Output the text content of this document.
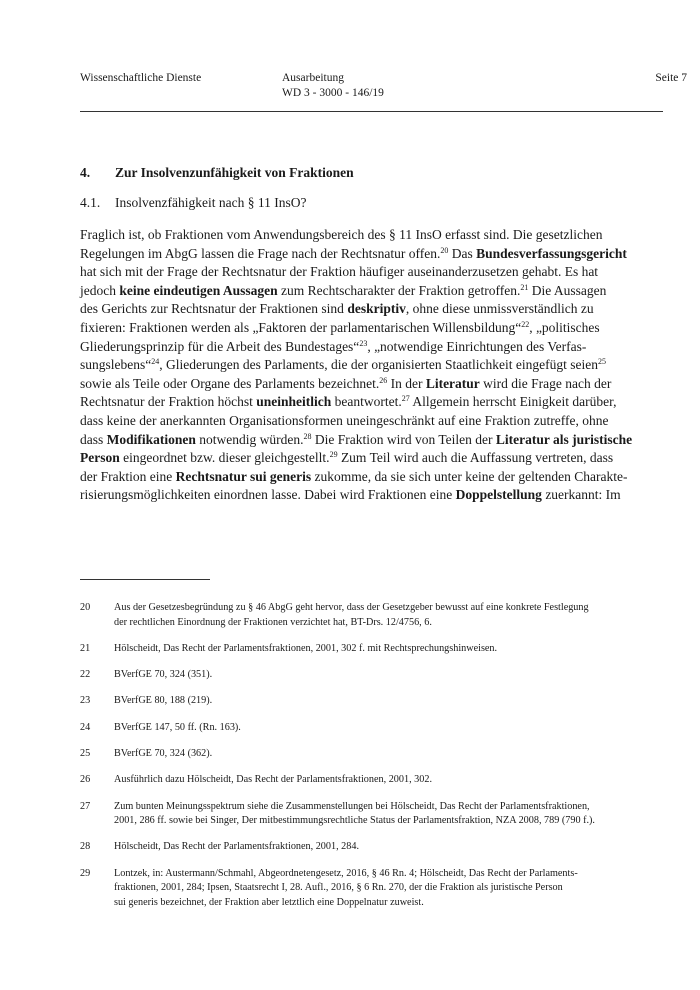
Wissenschaftliche Dienste	Ausarbeitung
WD 3 - 3000 - 146/19
Seite 7
4. Zur Insolvenzunfähigkeit von Fraktionen
4.1. Insolvenzfähigkeit nach § 11 InsO?
Fraglich ist, ob Fraktionen vom Anwendungsbereich des § 11 InsO erfasst sind. Die gesetzlichen
Regelungen im AbgG lassen die Frage nach der Rechtsnatur offen.$^{20}$ Das Bundesverfassungsgericht
hat sich mit der Frage der Rechtsnatur der Fraktion häufiger auseinanderzusetzen gehabt. Es hat
jedoch keine eindeutigen Aussagen zum Rechtscharakter der Fraktion getroffen.$^{21}$ Die Aussagen
des Gerichts zur Rechtsnatur der Fraktionen sind deskriptiv, ohne diese unmissverständlich zu
fixieren: Fraktionen werden als „Faktoren der parlamentarischen Willensbildung“$^{22}$, „politisches
Gliederungsprinzip für die Arbeit des Bundestages“$^{23}$, „notwendige Einrichtungen des Verfas-
sungslebens“$^{24}$, Gliederungen des Parlaments, die der organisierten Staatlichkeit eingefügt seien$^{25}$
sowie als Teile oder Organe des Parlaments bezeichnet.$^{26}$ In der Literatur wird die Frage nach der
Rechtsnatur der Fraktion höchst uneinheitlich beantwortet.$^{27}$ Allgemein herrscht Einigkeit darüber,
dass keine der anerkannten Organisationsformen uneingeschränkt auf eine Fraktion zutreffe, ohne
dass Modifikationen notwendig würden.$^{28}$ Die Fraktion wird von Teilen der Literatur als juristische
Person eingeordnet bzw. dieser gleichgestellt.$^{29}$ Zum Teil wird auch die Auffassung vertreten, dass
der Fraktion eine Rechtsnatur sui generis zukomme, da sie sich unter keine der geltenden Charakte-
risierungsmöglichkeiten einordnen lasse. Dabei wird Fraktionen eine Doppelstellung zuerkannt: Im
20 Aus der Gesetzesbegründung zu § 46 AbgG geht hervor, dass der Gesetzgeber bewusst auf eine konkrete Festlegung
der rechtlichen Einordnung der Fraktionen verzichtet hat, BT-Drs. 12/4756, 6.
21 Hölscheidt, Das Recht der Parlamentsfraktionen, 2001, 302 f. mit Rechtsprechungshinweisen.
22 BVerfGE 70, 324 (351).
23 BVerfGE 80, 188 (219).
24 BVerfGE 147, 50 ff. (Rn. 163).
25 BVerfGE 70, 324 (362).
26 Ausführlich dazu Hölscheidt, Das Recht der Parlamentsfraktionen, 2001, 302.
27 Zum bunten Meinungsspektrum siehe die Zusammenstellungen bei Hölscheidt, Das Recht der Parlamentsfraktionen,
2001, 286 ff. sowie bei Singer, Der mitbestimmungsrechtliche Status der Parlamentsfraktion, NZA 2008, 789 (790 f.).
28 Hölscheidt, Das Recht der Parlamentsfraktionen, 2001, 284.
29 Lontzek, in: Austermann/Schmahl, Abgeordnetengesetz, 2016, § 46 Rn. 4; Hölscheidt, Das Recht der Parlaments-
fraktionen, 2001, 284; Ipsen, Staatsrecht I, 28. Aufl., 2016, § 6 Rn. 270, der die Fraktion als juristische Person
sui generis bezeichnet, der Fraktion aber letztlich eine Doppelnatur zuweist.
